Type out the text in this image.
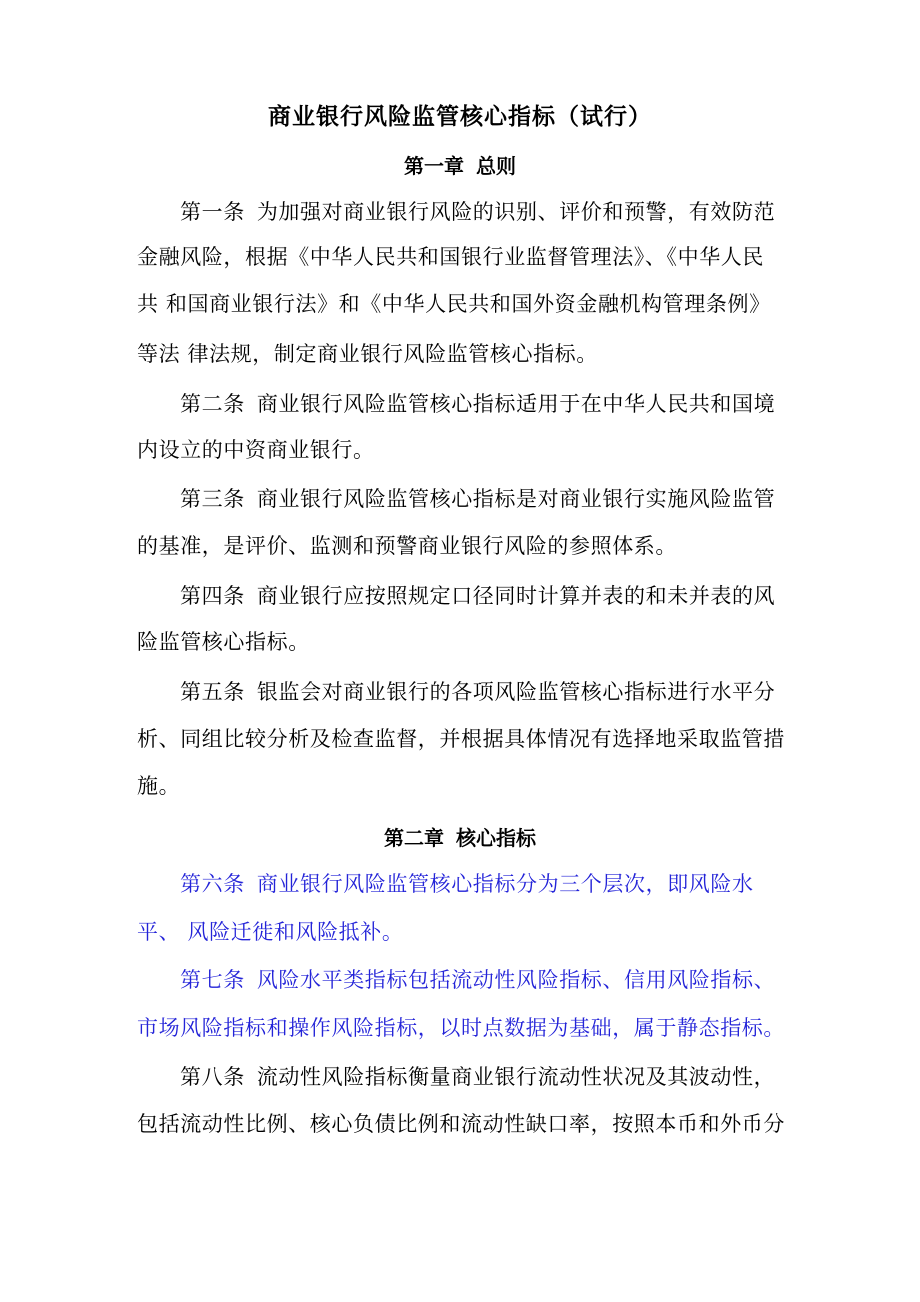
商业银行风险监管核心指标（试行）
第一章 总则
第一条 为加强对商业银行风险的识别、评价和预警，有效防范
金融风险，根据《中华人民共和国银行业监督管理法》、《中华人民
共 和国商业银行法》和《中华人民共和国外资金融机构管理条例》
等法 律法规，制定商业银行风险监管核心指标。
第二条 商业银行风险监管核心指标适用于在中华人民共和国境
内设立的中资商业银行。
第三条 商业银行风险监管核心指标是对商业银行实施风险监管
的基准，是评价、监测和预警商业银行风险的参照体系。
第四条 商业银行应按照规定口径同时计算并表的和未并表的风
险监管核心指标。
第五条 银监会对商业银行的各项风险监管核心指标进行水平分
析、同组比较分析及检查监督，并根据具体情况有选择地采取监管措
施。
第二章 核心指标
第六条 商业银行风险监管核心指标分为三个层次，即风险水
平、 风险迁徙和风险抵补。
第七条 风险水平类指标包括流动性风险指标、信用风险指标、
市场风险指标和操作风险指标，以时点数据为基础，属于静态指标。
第八条 流动性风险指标衡量商业银行流动性状况及其波动性，
包括流动性比例、核心负债比例和流动性缺口率，按照本币和外币分
